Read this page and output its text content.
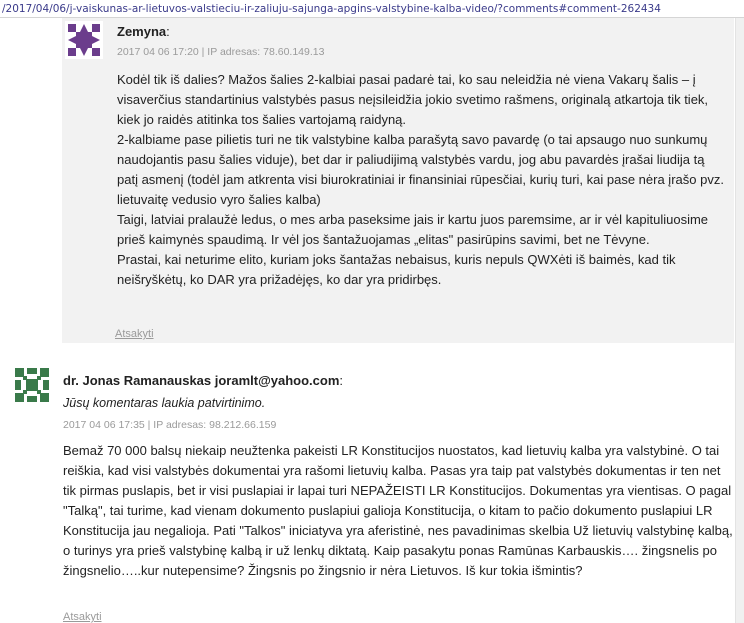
/2017/04/06/j-vaiskunas-ar-lietuvos-valstieciu-ir-zaliuju-sajunga-apgins-valstybine-kalba-video/?comments#comment-262434
Zemyna:
2017 04 06 17:20 | IP adresas: 78.60.149.13

Kodėl tik iš dalies? Mažos šalies 2-kalbiai pasai padarė tai, ko sau neleidžia nė viena Vakarų šalis – į visaverčius standartinius valstybės pasus neįsileidžia jokio svetimo rašmens, originalą atkartoja tik tiek, kiek jo raidės atitinka tos šalies vartojamą raidyną.

2-kalbiame pase pilietis turi ne tik valstybine kalba parašytą savo pavardę (o tai apsaugo nuo sunkumų naudojantis pasu šalies viduje), bet dar ir paliudijimą valstybės vardu, jog abu pavardės įrašai liudija tą patį asmenį (todėl jam atkrenta visi biurokratiniai ir finansiniai rūpesčiai, kurių turi, kai pase nėra įrašo pvz. lietuvaitę vedusio vyro šalies kalba)

Taigi, latviai pralaužė ledus, o mes arba paseksime jais ir kartu juos paremsime, ar ir vėl kapituliuosime prieš kaimynės spaudimą. Ir vėl jos šantažuojamas „elitas" pasirūpins savimi, bet ne Tėvyne.

Prastai, kai neturime elito, kuriam joks šantažas nebaisus, kuris nepuls QWXėti iš baimės, kad tik neišryškėtų, ko DAR yra prižadėjęs, ko dar yra pridirbęs.

Atsakyti
dr. Jonas Ramanauskas joramlt@yahoo.com:
Jūsų komentaras laukia patvirtinimo.
2017 04 06 17:35 | IP adresas: 98.212.66.159

Bemaž 70 000 balsų niekaip neužtenka pakeisti LR Konstitucijos nuostatos, kad lietuvių kalba yra valstybinė. O tai reiškia, kad visi valstybės dokumentai yra rašomi lietuvių kalba. Pasas yra taip pat valstybės dokumentas ir ten net tik pirmas puslapis, bet ir visi puslapiai ir lapai turi NEPAŽEISTI LR Konstitucijos. Dokumentas yra vientisas. O pagal "Talką", tai turime, kad vienam dokumento puslapiui galioja Konstitucija, o kitam to pačio dokumento puslapiui LR Konstitucija jau negalioja. Pati "Talkos" iniciatyva yra aferistinė, nes pavadinimas skelbia Už lietuvių valstybinę kalbą, o turinys yra prieš valstybinę kalbą ir už lenkų diktatą. Kaip pasakytu ponas Ramūnas Karbauskis…. žingsnelis po žingsnelio…..kur nutepensime? Žingsnis po žingsnio ir nėra Lietuvos. Iš kur tokia išmintis?

Atsakyti
